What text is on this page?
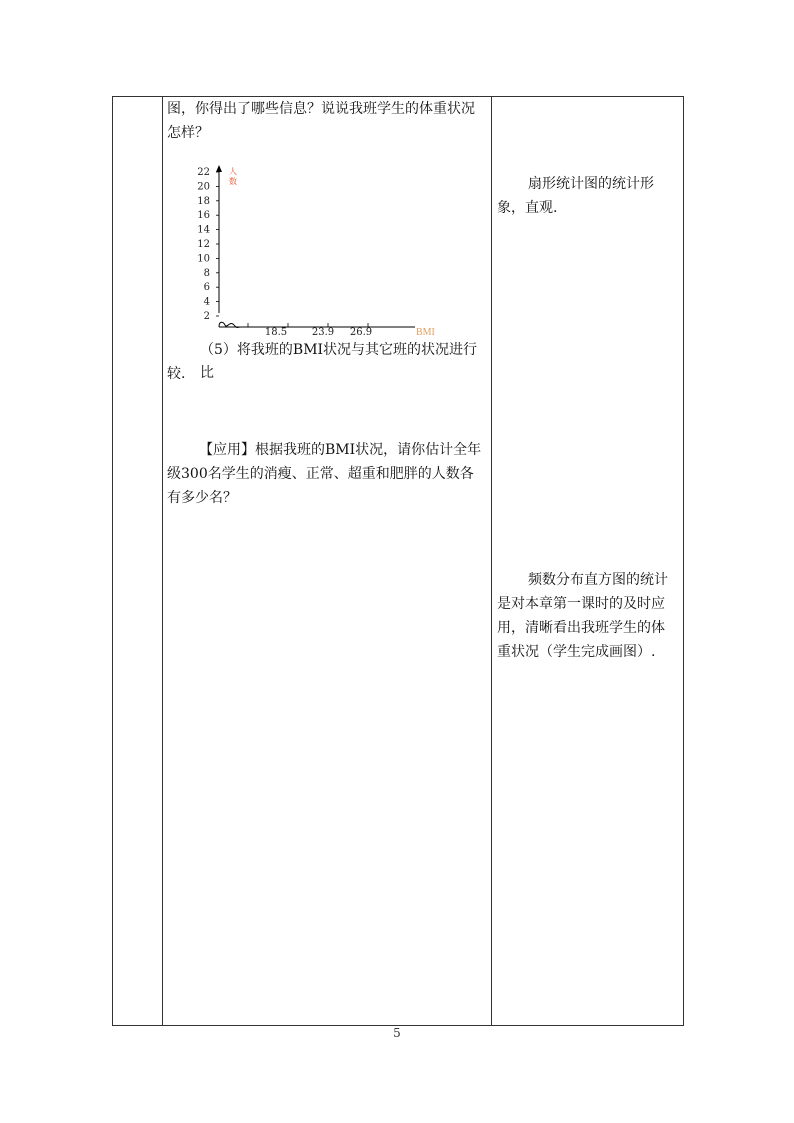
图，你得出了哪些信息？说说我班学生的体重状况

怎样？

2
4
6
8
10
12
14
16
18
20
22
18.5 23.9 26.9
人
数
BMI

（5）将我班的BMI状况与其它班的状况进行比

较.

【应用】根据我班的BMI状况，请你估计全年

级300名学生的消瘦、正常、超重和肥胖的人数各

有多少名？

扇形统计图的统计形

象，直观.

频数分布直方图的统计

是对本章第一课时的及时应

用，清晰看出我班学生的体

重状况（学生完成画图）.

5
